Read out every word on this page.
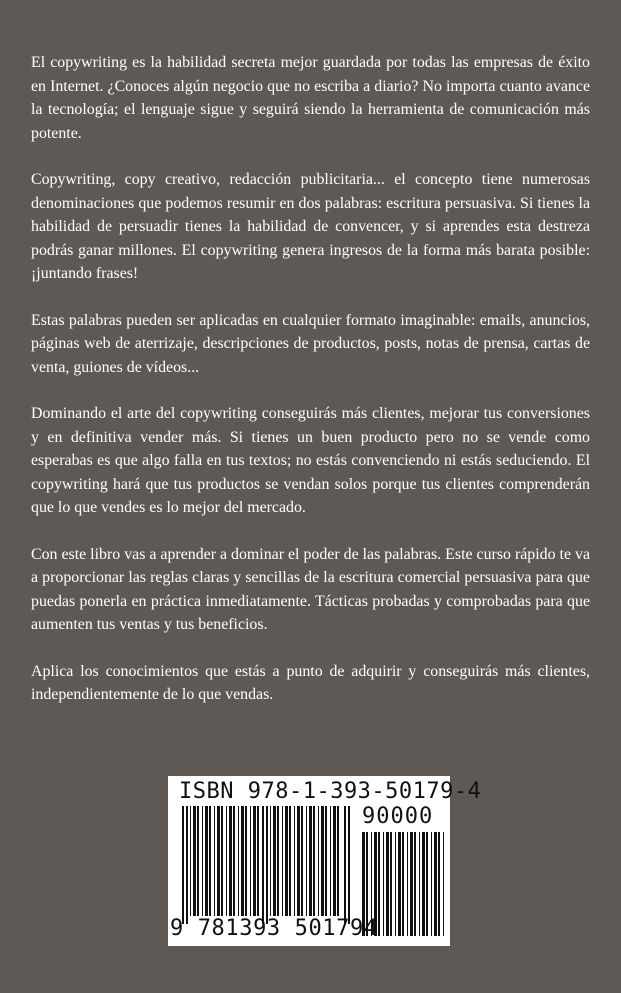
El copywriting es la habilidad secreta mejor guardada por todas las empresas de éxito en Internet. ¿Conoces algún negocio que no escriba a diario? No importa cuanto avance la tecnología; el lenguaje sigue y seguirá siendo la herramienta de comunicación más potente.

Copywriting, copy creativo, redacción publicitaria... el concepto tiene numerosas denominaciones que podemos resumir en dos palabras: escritura persuasiva. Si tienes la habilidad de persuadir tienes la habilidad de convencer, y si aprendes esta destreza podrás ganar millones. El copywriting genera ingresos de la forma más barata posible: ¡juntando frases!

Estas palabras pueden ser aplicadas en cualquier formato imaginable: emails, anuncios, páginas web de aterrizaje, descripciones de productos, posts, notas de prensa, cartas de venta, guiones de vídeos...

Dominando el arte del copywriting conseguirás más clientes, mejorar tus conversiones y en definitiva vender más. Si tienes un buen producto pero no se vende como esperabas es que algo falla en tus textos; no estás convenciendo ni estás seduciendo. El copywriting hará que tus productos se vendan solos porque tus clientes comprenderán que lo que vendes es lo mejor del mercado.

Con este libro vas a aprender a dominar el poder de las palabras. Este curso rápido te va a proporcionar las reglas claras y sencillas de la escritura comercial persuasiva para que puedas ponerla en práctica inmediatamente. Tácticas probadas y comprobadas para que aumenten tus ventas y tus beneficios.

Aplica los conocimientos que estás a punto de adquirir y conseguirás más clientes, independientemente de lo que vendas.

ISBN 978-1-393-50179-4
90000
9 781393 501794
